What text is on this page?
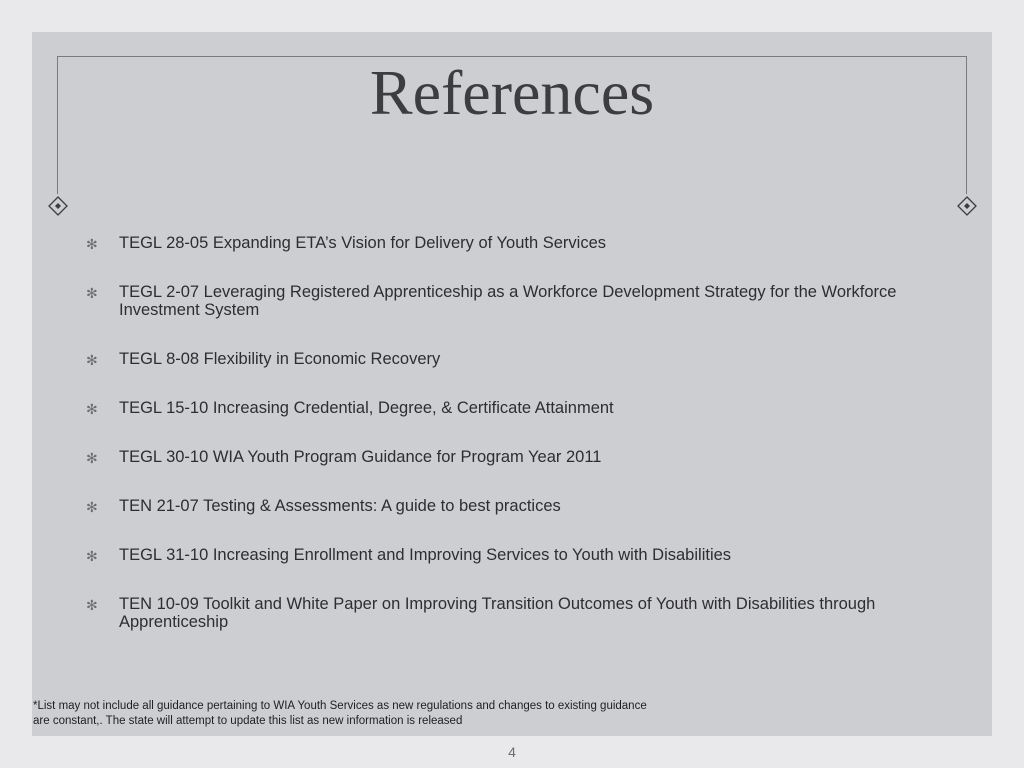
References
✻ TEGL 28-05 Expanding ETA’s Vision for Delivery of Youth Services
✻ TEGL 2-07 Leveraging Registered Apprenticeship as a Workforce Development Strategy for the Workforce Investment System
✻ TEGL 8-08 Flexibility in Economic Recovery
✻ TEGL 15-10 Increasing Credential, Degree, & Certificate Attainment
✻ TEGL 30-10 WIA Youth Program Guidance for Program Year 2011
✻ TEN 21-07 Testing & Assessments: A guide to best practices
✻ TEGL 31-10 Increasing Enrollment and Improving Services to Youth with Disabilities
✻ TEN 10-09 Toolkit and White Paper on Improving Transition Outcomes of Youth with Disabilities through Apprenticeship
*List may not include all guidance pertaining to WIA Youth Services as new regulations and changes to existing guidance
are constant,. The state will attempt to update this list as new information is released
4
